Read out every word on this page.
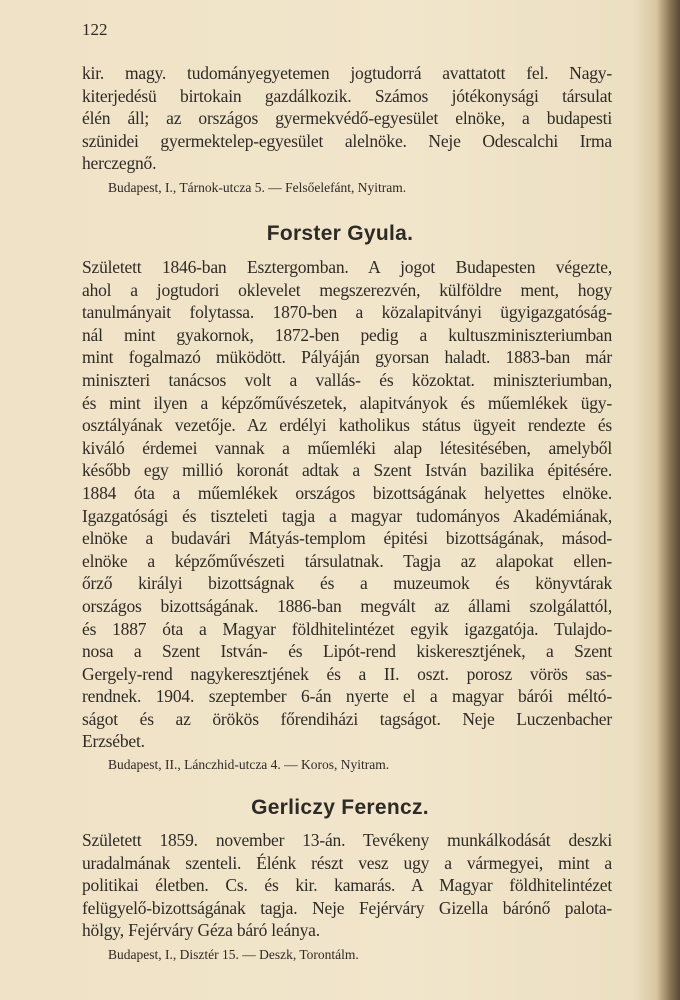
122
kir. magy. tudományegyetemen jogtudorrá avattatott fel. Nagy-
kiterjedésü birtokain gazdálkozik. Számos jótékonysági társulat
élén áll; az országos gyermekvédő-egyesület elnöke, a budapesti
szünidei gyermektelep-egyesület alelnöke. Neje Odescalchi Irma
herczegnő.
Budapest, I., Tárnok-utcza 5. — Felsőelefánt, Nyitram.
Forster Gyula.
Született 1846-ban Esztergomban. A jogot Budapesten végezte,
ahol a jogtudori oklevelet megszerezvén, külföldre ment, hogy
tanulmányait folytassa. 1870-ben a közalapitványi ügyigazgatóság-
nál mint gyakornok, 1872-ben pedig a kultuszminiszteriumban
mint fogalmazó müködött. Pályáján gyorsan haladt. 1883-ban már
miniszteri tanácsos volt a vallás- és közoktat. miniszteriumban,
és mint ilyen a képzőművészetek, alapitványok és műemlékek ügy-
osztályának vezetője. Az erdélyi katholikus státus ügyeit rendezte és
kiváló érdemei vannak a műemléki alap létesitésében, amelyből
később egy millió koronát adtak a Szent István bazilika épitésére.
1884 óta a műemlékek országos bizottságának helyettes elnöke.
Igazgatósági és tiszteleti tagja a magyar tudományos Akadémiának,
elnöke a budavári Mátyás-templom épitési bizottságának, másod-
elnöke a képzőművészeti társulatnak. Tagja az alapokat ellen-
őrző királyi bizottságnak és a muzeumok és könyvtárak
országos bizottságának. 1886-ban megvált az állami szolgálattól,
és 1887 óta a Magyar földhitelintézet egyik igazgatója. Tulajdo-
nosa a Szent István- és Lipót-rend kiskeresztjének, a Szent
Gergely-rend nagykeresztjének és a II. oszt. porosz vörös sas-
rendnek. 1904. szeptember 6-án nyerte el a magyar bárói méltó-
ságot és az örökös főrendiházi tagságot. Neje Luczenbacher
Erzsébet.
Budapest, II., Lánczhid-utcza 4. — Koros, Nyitram.
Gerliczy Ferencz.
Született 1859. november 13-án. Tevékeny munkálkodását deszki
uradalmának szenteli. Élénk részt vesz ugy a vármegyei, mint a
politikai életben. Cs. és kir. kamarás. A Magyar földhitelintézet
felügyelő-bizottságának tagja. Neje Fejérváry Gizella bárónő palota-
hölgy, Fejérváry Géza báró leánya.
Budapest, I., Disztér 15. — Deszk, Torontálm.
